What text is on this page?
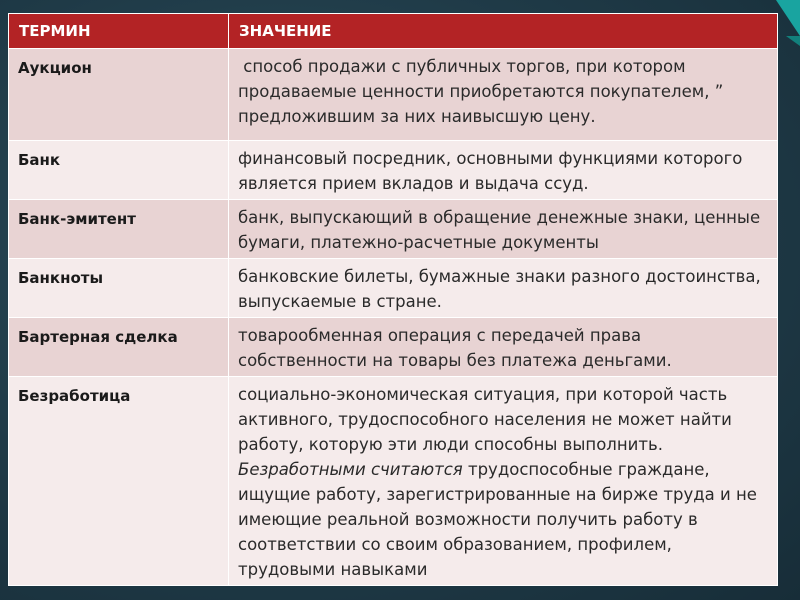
ТЕРМИН	ЗНАЧЕНИЕ
Аукцион	способ продажи с публичных торгов, при котором продаваемые ценности приобретаются покупателем, ” предложившим за них наивысшую цену.
Банк	финансовый посредник, основными функциями которого является прием вкладов и выдача ссуд.
Банк-эмитент	банк, выпускающий в обращение денежные знаки, ценные бумаги, платежно-расчетные документы
Банкноты	банковские билеты, бумажные знаки разного достоинства, выпускаемые в стране.
Бартерная сделка	товарообменная операция с передачей права собственности на товары без платежа деньгами.
Безработица	социально-экономическая ситуация, при которой часть активного, трудоспособного населения не может найти работу, которую эти люди способны выполнить. Безработными считаются трудоспособные граждане, ищущие работу, зарегистрированные на бирже труда и не имеющие реальной возможности получить работу в соответствии со своим образованием, профилем, трудовыми навыками
